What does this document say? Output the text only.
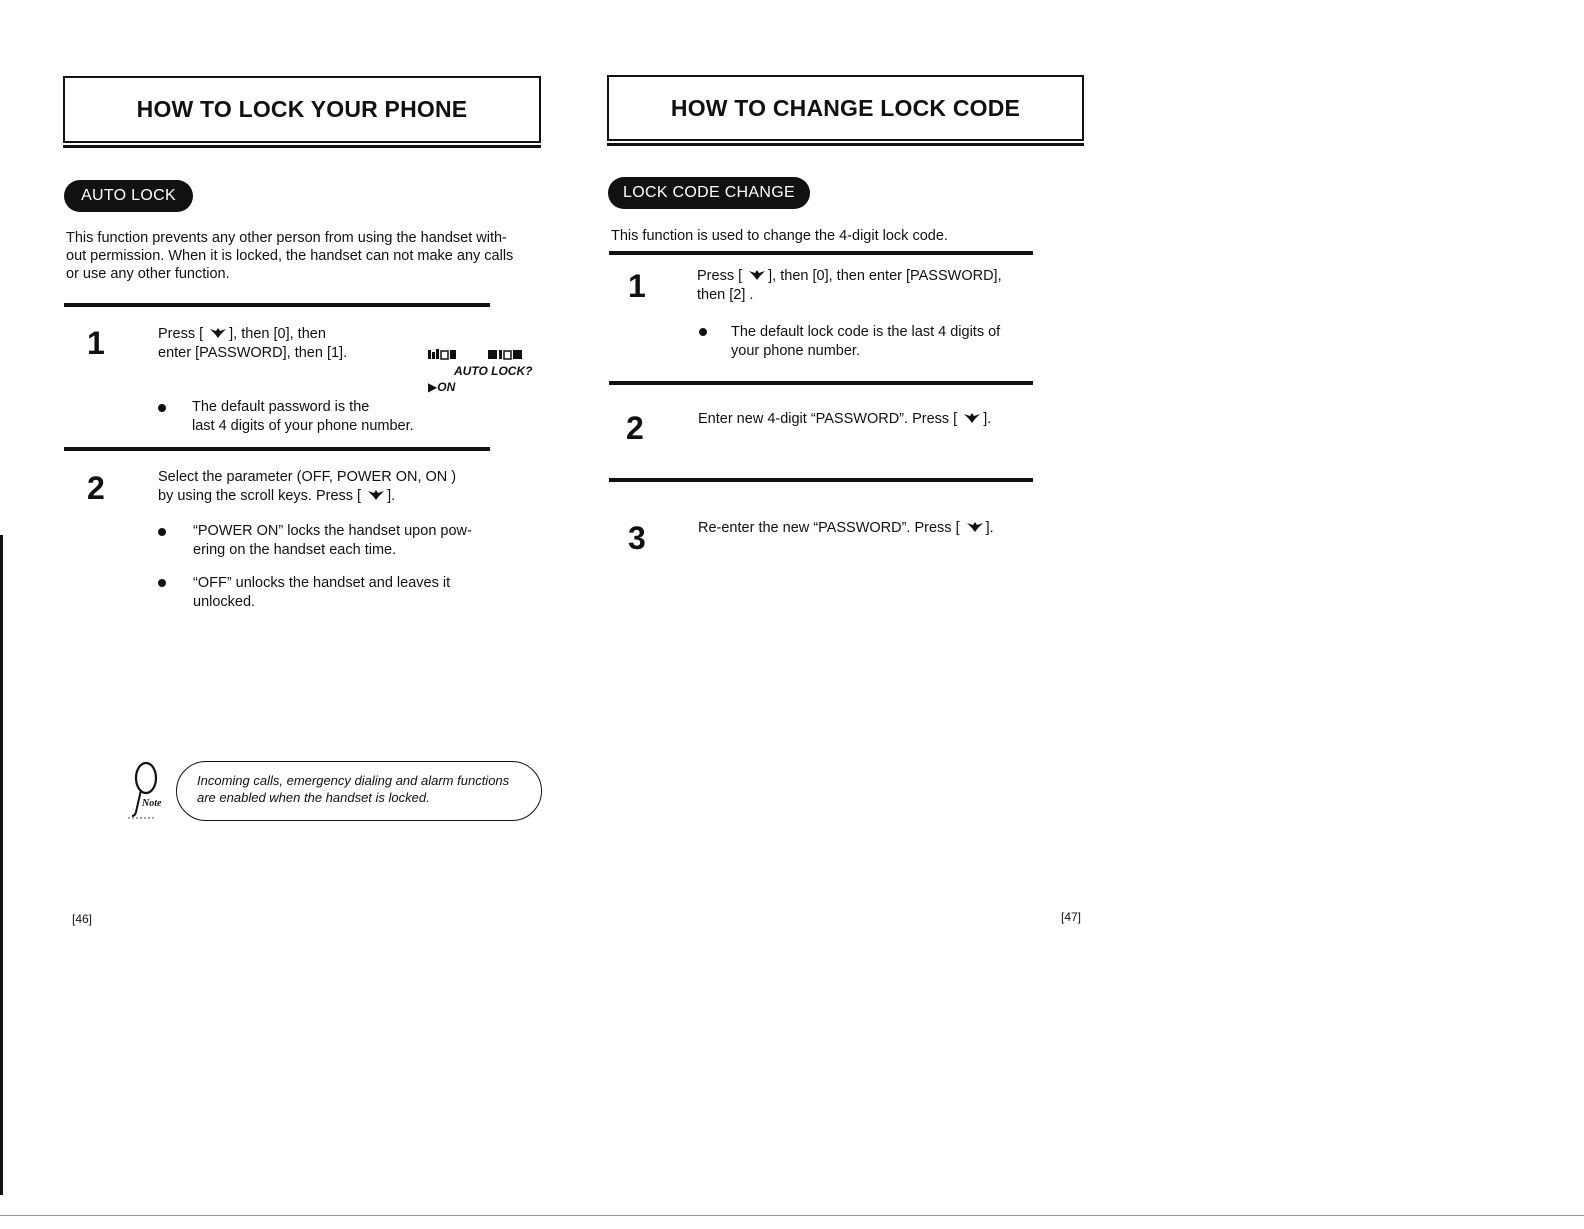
HOW TO LOCK YOUR PHONE
AUTO LOCK
This function prevents any other person from using the handset with-
out permission. When it is locked, the handset can not make any calls
or use any other function.
1	Press [ ], then [0], then
enter [PASSWORD], then [1].
AUTO LOCK?
▶ON
The default password is the
last 4 digits of your phone number.
2	Select the parameter (OFF, POWER ON, ON )
by using the scroll keys. Press [ ].
“POWER ON” locks the handset upon pow-
ering on the handset each time.
“OFF” unlocks the handset and leaves it
unlocked.
Note
Incoming calls, emergency dialing and alarm functions
are enabled when the handset is locked.
[46]
HOW TO CHANGE LOCK CODE
LOCK CODE CHANGE
This function is used to change the 4-digit lock code.
1	Press [ ], then [0], then enter [PASSWORD],
then [2] .
The default lock code is the last 4 digits of
your phone number.
2	Enter new 4-digit “PASSWORD”. Press [ ].
3	Re-enter the new “PASSWORD”. Press [ ].
[47]
